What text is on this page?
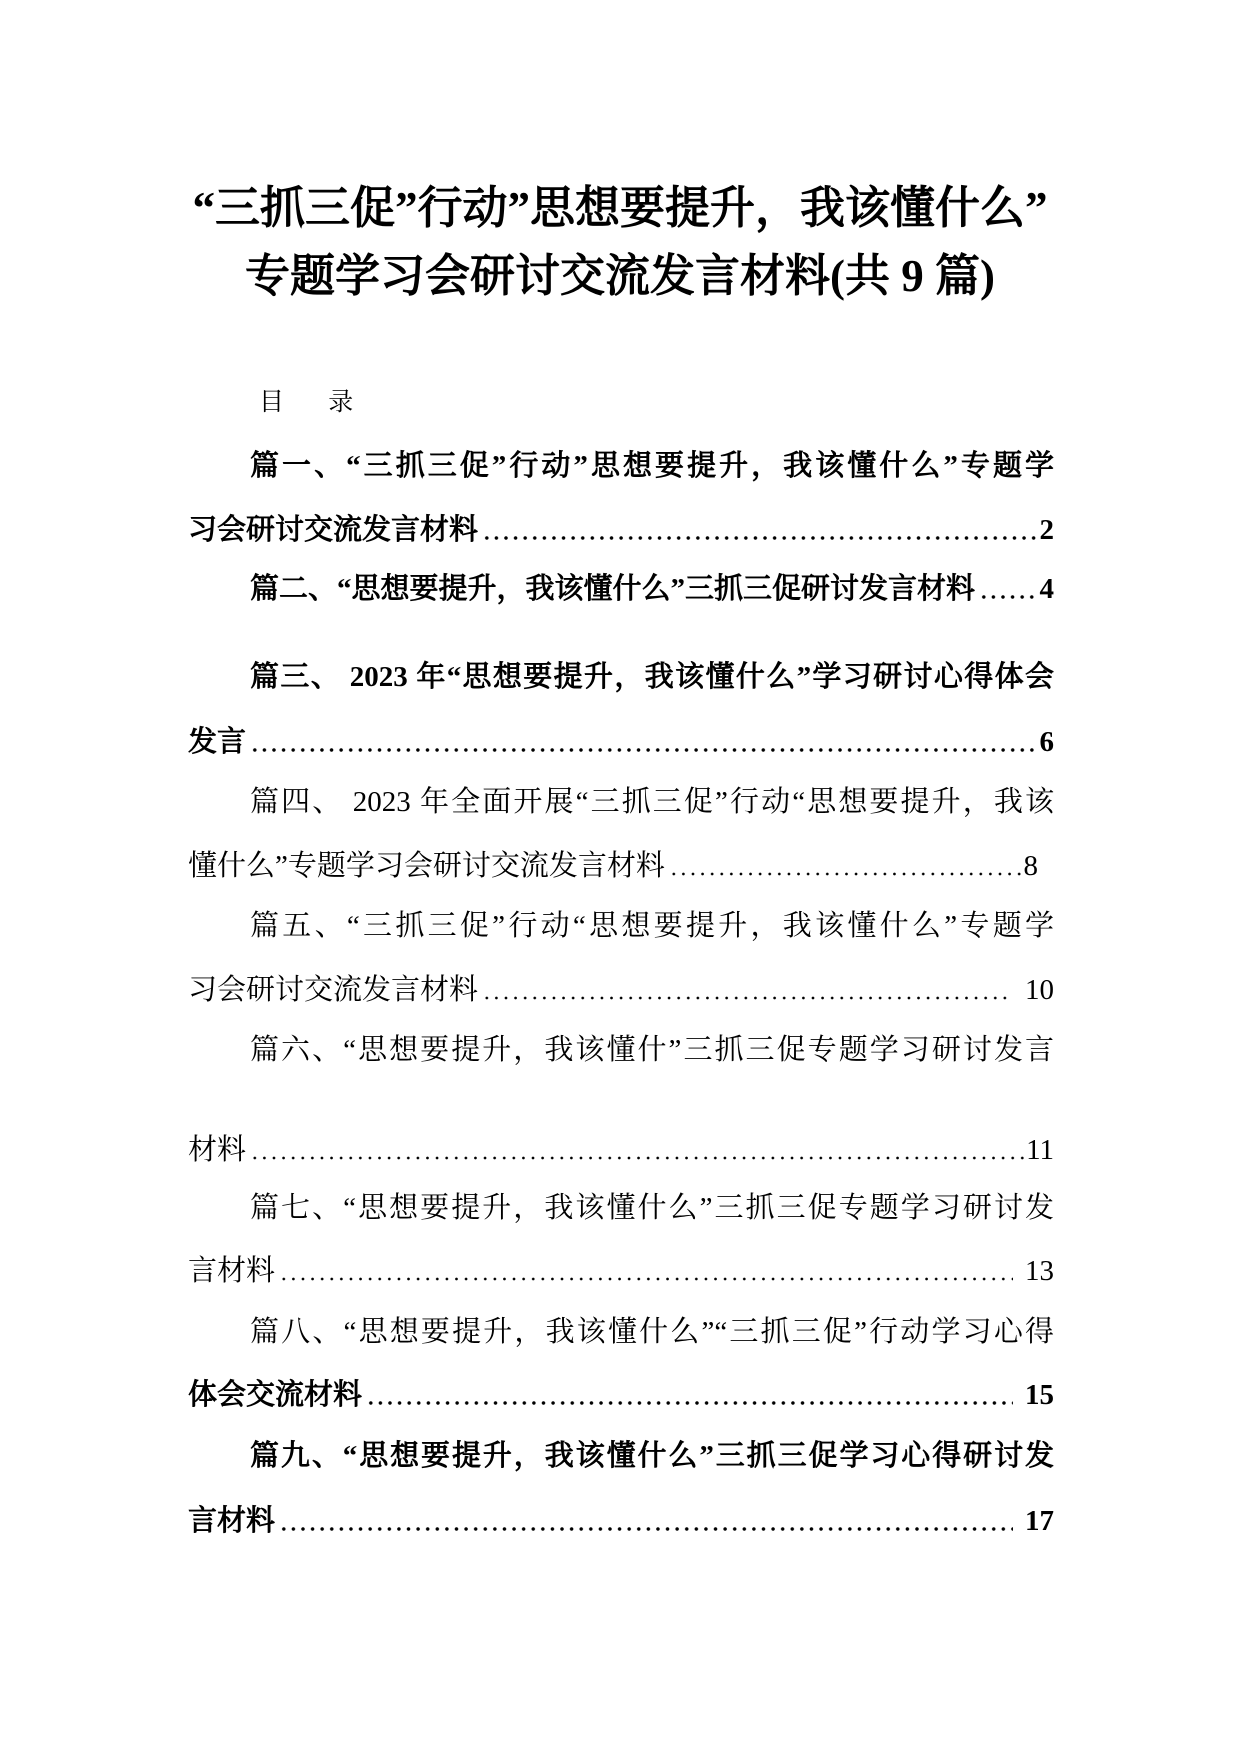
“三抓三促”行动”思想要提升，我该懂什么”
专题学习会研讨交流发言材料(共 9 篇)
目 录
篇一、“三抓三促”行动”思想要提升，我该懂什么”专题学
习会研讨交流发言材料	2
篇二、“思想要提升，我该懂什么”三抓三促研讨发言材料 4
篇三、 2023 年“思想要提升，我该懂什么”学习研讨心得体会
发言	6
篇四、 2023 年全面开展“三抓三促”行动“思想要提升，我该
懂什么”专题学习会研讨交流发言材料	8
篇五、“三抓三促”行动“思想要提升，我该懂什么”专题学
习会研讨交流发言材料	10
篇六、“思想要提升，我该懂什”三抓三促专题学习研讨发言
材料	11
篇七、“思想要提升，我该懂什么”三抓三促专题学习研讨发
言材料	13
篇八、“思想要提升，我该懂什么”“三抓三促”行动学习心得
体会交流材料	15
篇九、“思想要提升，我该懂什么”三抓三促学习心得研讨发
言材料	17
